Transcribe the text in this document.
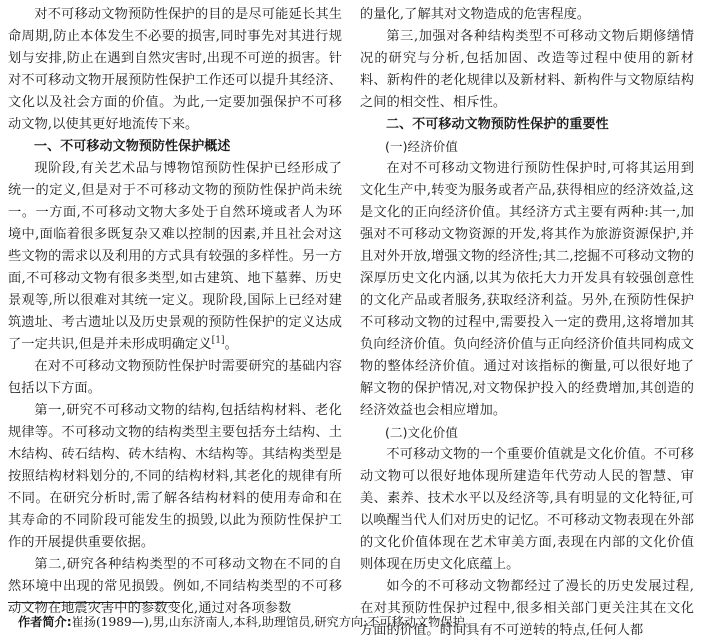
对不可移动文物预防性保护的目的是尽可能延长其生命周期,防止本体发生不必要的损害,同时事先对其进行规划与安排,防止在遇到自然灾害时,出现不可逆的损害。针对不可移动文物开展预防性保护工作还可以提升其经济、文化以及社会方面的价值。为此,一定要加强保护不可移动文物,以使其更好地流传下来。

一、不可移动文物预防性保护概述

现阶段,有关艺术品与博物馆预防性保护已经形成了统一的定义,但是对于不可移动文物的预防性保护尚未统一。一方面,不可移动文物大多处于自然环境或者人为环境中,面临着很多既复杂又难以控制的因素,并且社会对这些文物的需求以及利用的方式具有较强的多样性。另一方面,不可移动文物有很多类型,如古建筑、地下墓葬、历史景观等,所以很难对其统一定义。现阶段,国际上已经对建筑遗址、考古遗址以及历史景观的预防性保护的定义达成了一定共识,但是并未形成明确定义[1]。

在对不可移动文物预防性保护时需要研究的基础内容包括以下方面。

第一,研究不可移动文物的结构,包括结构材料、老化规律等。不可移动文物的结构类型主要包括夯土结构、土木结构、砖石结构、砖木结构、木结构等。其结构类型是按照结构材料划分的,不同的结构材料,其老化的规律有所不同。在研究分析时,需了解各结构材料的使用寿命和在其寿命的不同阶段可能发生的损毁,以此为预防性保护工作的开展提供重要依据。

第二,研究各种结构类型的不可移动文物在不同的自然环境中出现的常见损毁。例如,不同结构类型的不可移动文物在地震灾害中的参数变化,通过对各项参数

的量化,了解其对文物造成的危害程度。

第三,加强对各种结构类型不可移动文物后期修缮情况的研究与分析,包括加固、改造等过程中使用的新材料、新构件的老化规律以及新材料、新构件与文物原结构之间的相交性、相斥性。

二、不可移动文物预防性保护的重要性
(一)经济价值

在对不可移动文物进行预防性保护时,可将其运用到文化生产中,转变为服务或者产品,获得相应的经济效益,这是文化的正向经济价值。其经济方式主要有两种:其一,加强对不可移动文物资源的开发,将其作为旅游资源保护,并且对外开放,增强文物的经济性;其二,挖掘不可移动文物的深厚历史文化内涵,以其为依托大力开发具有较强创意性的文化产品或者服务,获取经济利益。另外,在预防性保护不可移动文物的过程中,需要投入一定的费用,这将增加其负向经济价值。负向经济价值与正向经济价值共同构成文物的整体经济价值。通过对该指标的衡量,可以很好地了解文物的保护情况,对文物保护投入的经费增加,其创造的经济效益也会相应增加。

(二)文化价值

不可移动文物的一个重要价值就是文化价值。不可移动文物可以很好地体现所建造年代劳动人民的智慧、审美、素养、技术水平以及经济等,具有明显的文化特征,可以唤醒当代人们对历史的记忆。不可移动文物表现在外部的文化价值体现在艺术审美方面,表现在内部的文化价值则体现在历史文化底蕴上。

如今的不可移动文物都经过了漫长的历史发展过程,在对其预防性保护过程中,很多相关部门更关注其在文化方面的价值。时间具有不可逆转的特点,任何人都

作者简介:崔扬(1989—),男,山东济南人,本科,助理馆员,研究方向:不可移动文物保护。
